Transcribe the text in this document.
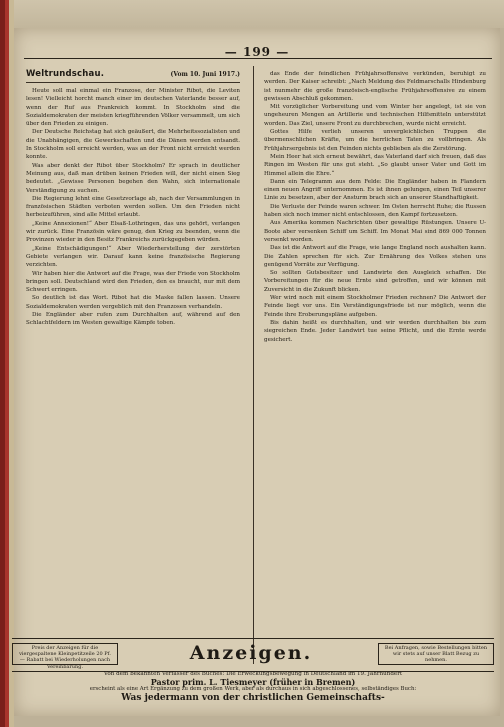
— 199 —
Weltrundschau.	(Vom 10. Juni 1917.)

Heute soll mal einmal ein Franzose, der Minister Ribot, die Leviten lesen! Vielleicht horcht manch einer im deutschen Vaterlande besser auf, wenn der Ruf aus Frankreich kommt. In Stockholm sind die Sozialdemokraten der meisten kriegführenden Völker versammelt, um sich über den Frieden zu einigen.

Der Deutsche Reichstag hat sich geäußert, die Mehrheitssozialisten und die Unabhängigen, die Gewerkschaften und die Dänen werden entsandt. In Stockholm soll erreicht werden, was an der Front nicht erreicht werden konnte.

Was aber denkt der Ribot über Stockholm? Er sprach in deutlicher Meinung aus, daß man drüben keinen Frieden will, der nicht einen Sieg bedeutet. „Gewisse Personen begehen den Wahn, sich internationale Verständigung zu suchen.

Die Regierung lehnt eine Gesetzvorlage ab, nach der Versammlungen in französischen Städten verboten werden sollen. Um den Frieden nicht herbeizuführen, sind alle Mittel erlaubt.

„Keine Annexionen!“ Aber Elsaß-Lothringen, das uns gehört, verlangen wir zurück. Eine Französin wäre genug, den Krieg zu beenden, wenn die Provinzen wieder in den Besitz Frankreichs zurückgegeben würden.

„Keine Entschädigungen!“ Aber Wiederherstellung der zerstörten Gebiete verlangen wir. Darauf kann keine französische Regierung verzichten.

Wir haben hier die Antwort auf die Frage, was der Friede von Stockholm bringen soll. Deutschland wird den Frieden, den es braucht, nur mit dem Schwert erringen.

So deutlich ist das Wort. Ribot hat die Maske fallen lassen. Unsere Sozialdemokraten werden vergeblich mit den Franzosen verhandeln.

Die Engländer aber rufen zum Durchhalten auf, während auf den Schlachtfeldern im Westen gewaltige Kämpfe toben.

das Ende der feindlichen Frühjahrsoffensive verkünden, beruhigt zu werden. Der Kaiser schreibt: „Nach Meldung des Feldmarschalls Hindenburg ist nunmehr die große französisch-englische Frühjahrsoffensive zu einem gewissen Abschluß gekommen.

Mit vorzüglicher Vorbereitung und vom Winter her angelegt, ist sie von ungeheuren Mengen an Artillerie und technischen Hilfsmitteln unterstützt worden. Das Ziel, unsere Front zu durchbrechen, wurde nicht erreicht.

Gottes Hilfe verlieh unseren unvergleichlichen Truppen die übermenschlichen Kräfte, um die herrlichen Taten zu vollbringen. Als Frühjahrsergebnis ist den Feinden nichts geblieben als die Zerstörung.

Mein Heer hat sich erneut bewährt, das Vaterland darf sich freuen, daß das Ringen im Westen für uns gut steht. „So glaubt unser Vater und Gott im Himmel allein die Ehre.“

Dann ein Telegramm aus dem Felde: Die Engländer haben in Flandern einen neuen Angriff unternommen. Es ist ihnen gelungen, einen Teil unserer Linie zu besetzen, aber der Ansturm brach sich an unserer Standhaftigkeit.

Die Verluste der Feinde waren schwer. Im Osten herrscht Ruhe; die Russen haben sich noch immer nicht entschlossen, den Kampf fortzusetzen.

Aus Amerika kommen Nachrichten über gewaltige Rüstungen. Unsere U-Boote aber versenken Schiff um Schiff. Im Monat Mai sind 869 000 Tonnen versenkt worden.

Das ist die Antwort auf die Frage, wie lange England noch aushalten kann. Die Zahlen sprechen für sich. Zur Ernährung des Volkes stehen uns genügend Vorräte zur Verfügung.

So sollten Gutsbesitzer und Landwirte den Ausgleich schaffen. Die Vorbereitungen für die neue Ernte sind getroffen, und wir können mit Zuversicht in die Zukunft blicken.

Wer wird noch mit einem Stockholmer Frieden rechnen? Die Antwort der Feinde liegt vor uns. Ein Verständigungsfriede ist nur möglich, wenn die Feinde ihre Eroberungspläne aufgeben.

Bis dahin heißt es durchhalten, und wir werden durchhalten bis zum siegreichen Ende. Jeder Landwirt tue seine Pflicht, und die Ernte werde gesichert.

Preis der Anzeigen für die viergespaltene Kleinpetitzeile 20 Pf. — Rabatt bei Wiederholungen nach Vereinbarung.
Anzeigen.	Bei Anfragen, sowie Bestellungen bitten wir stets auf unser Blatt Bezug zu nehmen.
Von dem bekannten Verfasser des Buches: Die Erweckungsbewegung in Deutschland im 19. Jahrhundert
Pastor prim. L. Tiesmeyer (früher in Bremen)
erscheint als eine Art Ergänzung zu dem großen Werk, aber als durchaus in sich abgeschlossenes, selbständiges Buch:
Was jedermann von der christlichen Gemeinschafts-
